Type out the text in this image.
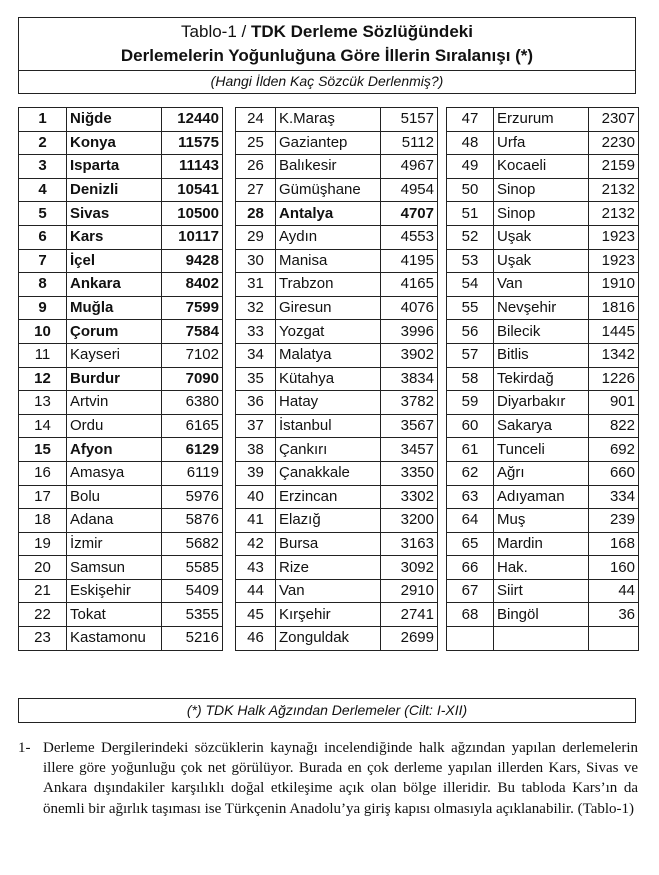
Tablo-1 / TDK Derleme Sözlüğündeki
Derlemelerin Yoğunluğuna Göre İllerin Sıralanışı (*)
(Hangi İlden Kaç Sözcük Derlenmiş?)
1	Niğde	12440
2	Konya	11575
3	Isparta	11143
4	Denizli	10541
5	Sivas	10500
6	Kars	10117
7	İçel	9428
8	Ankara	8402
9	Muğla	7599
10	Çorum	7584
11	Kayseri	7102
12	Burdur	7090
13	Artvin	6380
14	Ordu	6165
15	Afyon	6129
16	Amasya	6119
17	Bolu	5976
18	Adana	5876
19	İzmir	5682
20	Samsun	5585
21	Eskişehir	5409
22	Tokat	5355
23	Kastamonu	5216
24	K.Maraş	5157
25	Gaziantep	5112
26	Balıkesir	4967
27	Gümüşhane	4954
28	Antalya	4707
29	Aydın	4553
30	Manisa	4195
31	Trabzon	4165
32	Giresun	4076
33	Yozgat	3996
34	Malatya	3902
35	Kütahya	3834
36	Hatay	3782
37	İstanbul	3567
38	Çankırı	3457
39	Çanakkale	3350
40	Erzincan	3302
41	Elazığ	3200
42	Bursa	3163
43	Rize	3092
44	Van	2910
45	Kırşehir	2741
46	Zonguldak	2699
47	Erzurum	2307
48	Urfa	2230
49	Kocaeli	2159
50	Sinop	2132
51	Sinop	2132
52	Uşak	1923
53	Uşak	1923
54	Van	1910
55	Nevşehir	1816
56	Bilecik	1445
57	Bitlis	1342
58	Tekirdağ	1226
59	Diyarbakır	901
60	Sakarya	822
61	Tunceli	692
62	Ağrı	660
63	Adıyaman	334
64	Muş	239
65	Mardin	168
66	Hak.	160
67	Siirt	44
68	Bingöl	36

(*) TDK Halk Ağzından Derlemeler (Cilt: I-XII)
1- Derleme Dergilerindeki sözcüklerin kaynağı incelendiğinde halk ağzından yapılan derlemelerin illere göre yoğunluğu çok net görülüyor. Burada en çok derleme yapılan illerden Kars, Sivas ve Ankara dışındakiler karşılıklı doğal etkileşime açık olan bölge illeridir. Bu tabloda Kars’ın da önemli bir ağırlık taşıması ise Türkçenin Anadolu’ya giriş kapısı olmasıyla açıklanabilir. (Tablo-1)
